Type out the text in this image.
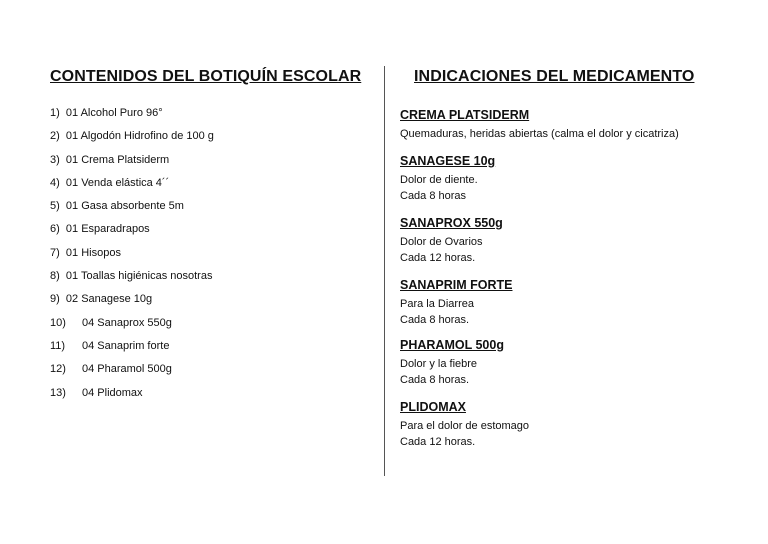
CONTENIDOS DEL BOTIQUÍN ESCOLAR
1) 01 Alcohol Puro 96°
2) 01 Algodón Hidrofino de 100 g
3) 01 Crema Platsiderm
4) 01 Venda elástica 4´´
5) 01 Gasa absorbente 5m
6) 01 Esparadrapos
7) 01 Hisopos
8) 01 Toallas higiénicas nosotras
9) 02 Sanagese 10g
10) 04 Sanaprox 550g
11) 04 Sanaprim forte
12) 04 Pharamol 500g
13) 04 Plidomax
INDICACIONES DEL MEDICAMENTO

CREMA PLATSIDERM

Quemaduras, heridas abiertas (calma el dolor y cicatriza)

SANAGESE 10g

Dolor de diente.

Cada 8 horas

SANAPROX 550g

Dolor de Ovarios

Cada 12 horas.

SANAPRIM FORTE

Para la Diarrea

Cada 8 horas.

PHARAMOL 500g

Dolor y la fiebre

Cada 8 horas.

PLIDOMAX

Para el dolor de estomago

Cada 12 horas.
